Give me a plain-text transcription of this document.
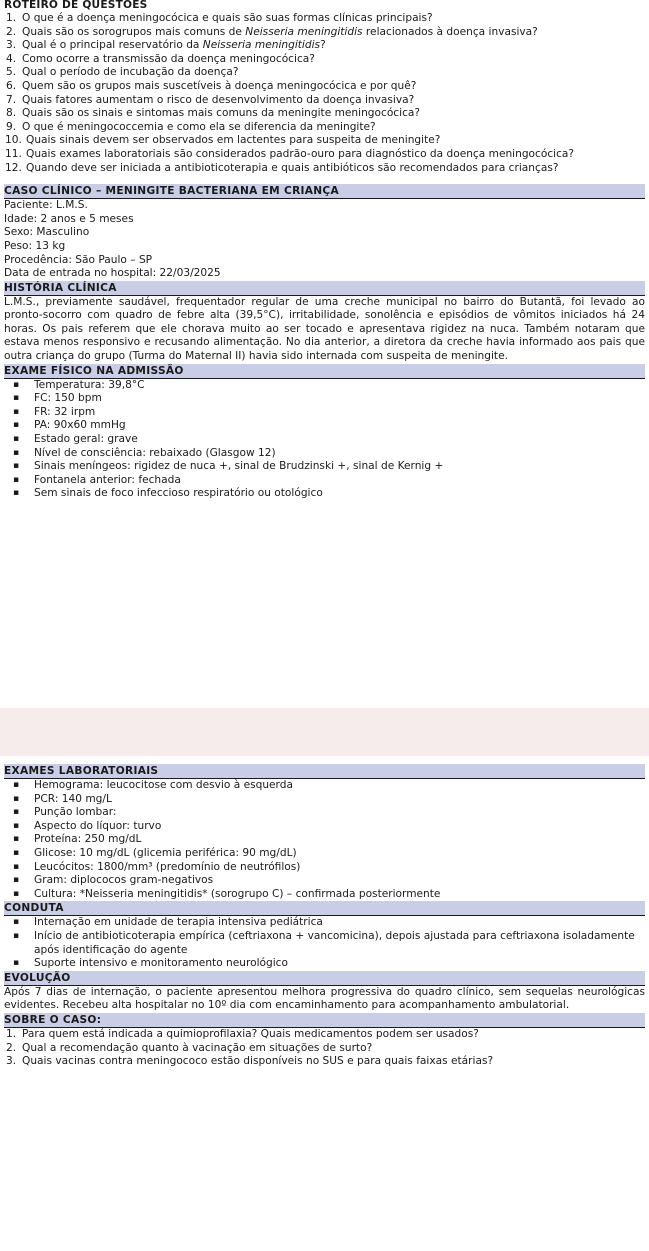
ROTEIRO DE QUESTÕES

1. O que é a doença meningocócica e quais são suas formas clínicas principais?
2. Quais são os sorogrupos mais comuns de Neisseria meningitidis relacionados à doença invasiva?
3. Qual é o principal reservatório da Neisseria meningitidis?
4. Como ocorre a transmissão da doença meningocócica?
5. Qual o período de incubação da doença?
6. Quem são os grupos mais suscetíveis à doença meningocócica e por quê?
7. Quais fatores aumentam o risco de desenvolvimento da doença invasiva?
8. Quais são os sinais e sintomas mais comuns da meningite meningocócica?
9. O que é meningococcemia e como ela se diferencia da meningite?
10. Quais sinais devem ser observados em lactentes para suspeita de meningite?
11. Quais exames laboratoriais são considerados padrão-ouro para diagnóstico da doença meningocócica?
12. Quando deve ser iniciada a antibioticoterapia e quais antibióticos são recomendados para crianças?

CASO CLÍNICO – MENINGITE BACTERIANA EM CRIANÇA

Paciente: L.M.S.

Idade: 2 anos e 5 meses

Sexo: Masculino

Peso: 13 kg

Procedência: São Paulo – SP

Data de entrada no hospital: 22/03/2025

HISTÓRIA CLÍNICA

L.M.S., previamente saudável, frequentador regular de uma creche municipal no bairro do Butantã, foi levado ao pronto-socorro com quadro de febre alta (39,5°C), irritabilidade, sonolência e episódios de vômitos iniciados há 24 horas. Os pais referem que ele chorava muito ao ser tocado e apresentava rigidez na nuca. Também notaram que estava menos responsivo e recusando alimentação. No dia anterior, a diretora da creche havia informado aos pais que outra criança do grupo (Turma do Maternal II) havia sido internada com suspeita de meningite.

EXAME FÍSICO NA ADMISSÃO

▪ Temperatura: 39,8°C
▪ FC: 150 bpm
▪ FR: 32 irpm
▪ PA: 90x60 mmHg
▪ Estado geral: grave
▪ Nível de consciência: rebaixado (Glasgow 12)
▪ Sinais meníngeos: rigidez de nuca +, sinal de Brudzinski +, sinal de Kernig +
▪ Fontanela anterior: fechada
▪ Sem sinais de foco infeccioso respiratório ou otológico

EXAMES LABORATORIAIS

▪ Hemograma: leucocitose com desvio à esquerda
▪ PCR: 140 mg/L
▪ Punção lombar:
▪ Aspecto do líquor: turvo
▪ Proteína: 250 mg/dL
▪ Glicose: 10 mg/dL (glicemia periférica: 90 mg/dL)
▪ Leucócitos: 1800/mm³ (predomínio de neutrófilos)
▪ Gram: diplococos gram-negativos
▪ Cultura: *Neisseria meningitidis* (sorogrupo C) – confirmada posteriormente

CONDUTA

▪ Internação em unidade de terapia intensiva pediátrica
▪ Início de antibioticoterapia empírica (ceftriaxona + vancomicina), depois ajustada para ceftriaxona isoladamente após identificação do agente
▪ Suporte intensivo e monitoramento neurológico

EVOLUÇÃO

Após 7 dias de internação, o paciente apresentou melhora progressiva do quadro clínico, sem sequelas neurológicas evidentes. Recebeu alta hospitalar no 10º dia com encaminhamento para acompanhamento ambulatorial.

SOBRE O CASO:

1. Para quem está indicada a quimioprofilaxia? Quais medicamentos podem ser usados?
2. Qual a recomendação quanto à vacinação em situações de surto?
3. Quais vacinas contra meningococo estão disponíveis no SUS e para quais faixas etárias?
